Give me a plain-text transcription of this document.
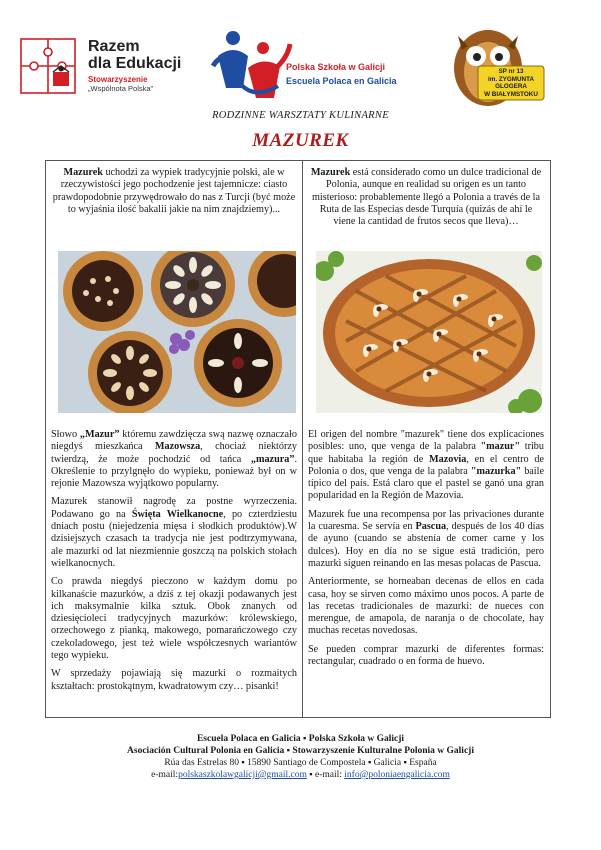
Razem
dla Edukacji
Stowarzyszenie
„Wspólnota Polska”
Polska Szkoła w Galicji
Escuela Polaca en Galicia
SP nr 13
im. ZYGMUNTA
GLOGERA
W BIAŁYMSTOKU
RODZINNE WARSZTATY KULINARNE
MAZUREK
Mazurek uchodzi za wypiek tradycyjnie polski, ale w rzeczywistości jego pochodzenie jest tajemnicze: ciasto prawdopodobnie przywędrowało do nas z Turcji (być może to wyjaśnia ilość bakalii jakie na nim znajdziemy)...
Mazurek está considerado como un dulce tradicional de Polonia, aunque en realidad su origen es un tanto misterioso: probablemente llegó a Polonia a través de la Ruta de las Especias desde Turquía (quizás de ahí le viene la cantidad de frutos secos que lleva)…

Słowo „Mazur” któremu zawdzięcza swą nazwę oznaczało niegdyś mieszkańca Mazowsza, chociaż niektórzy twierdzą, że może pochodzić od tańca „mazura”. Określenie to przylgnęło do wypieku, ponieważ był on w rejonie Mazowsza wyjątkowo popularny.

Mazurek stanowił nagrodę za postne wyrzeczenia. Podawano go na Święta Wielkanocne, po czterdziestu dniach postu (niejedzenia mięsa i słodkich produktów).W dzisiejszych czasach ta tradycja nie jest podtrzymywana, ale mazurki od lat niezmiennie goszczą na polskich stołach wielkanocnych.

Co prawda niegdyś pieczono w każdym domu po kilkanaście mazurków, a dziś z tej okazji podawanych jest ich maksymalnie kilka sztuk. Obok znanych od dziesięcioleci tradycyjnych mazurków: królewskiego, orzechowego z pianką, makowego, pomarańczowego czy czekoladowego, jest też wiele współczesnych wariantów tego wypieku.

W sprzedaży pojawiają się mazurki o rozmaitych kształtach: prostokątnym, kwadratowym czy… pisanki!

El origen del nombre "mazurek" tiene dos explicaciones posibles: uno, que venga de la palabra "mazur" tribu que habitaba la región de Mazovia, en el centro de Polonia o dos, que venga de la palabra "mazurka" baile típico del país. Está claro que el pastel se ganó una gran popularidad en la Región de Mazovia.

Mazurek fue una recompensa por las privaciones durante la cuaresma. Se servía en Pascua, después de los 40 días de ayuno (cuando se abstenía de comer carne y los dulces). Hoy en día no se sigue está tradición, pero mazurki siguen reinando en las mesas polacas de Pascua.

Anteriormente, se horneaban decenas de ellos en cada casa, hoy se sirven como máximo unos pocos. A parte de las recetas tradicionales de mazurki: de nueces con merengue, de amapola, de naranja o de chocolate, hay muchas recetas novedosas.

Se pueden comprar mazurki de diferentes formas: rectangular, cuadrado o en forma de huevo.

Escuela Polaca en Galicia ▪ Polska Szkoła w Galicji
Asociación Cultural Polonia en Galicia ▪ Stowarzyszenie Kulturalne Polonia w Galicji
Rúa das Estrelas 80 ▪ 15890 Santiago de Compostela ▪ Galicia ▪ España
e-mail:polskaszkolawgalicji@gmail.com ▪ e-mail: info@poloniaengalicia.com
